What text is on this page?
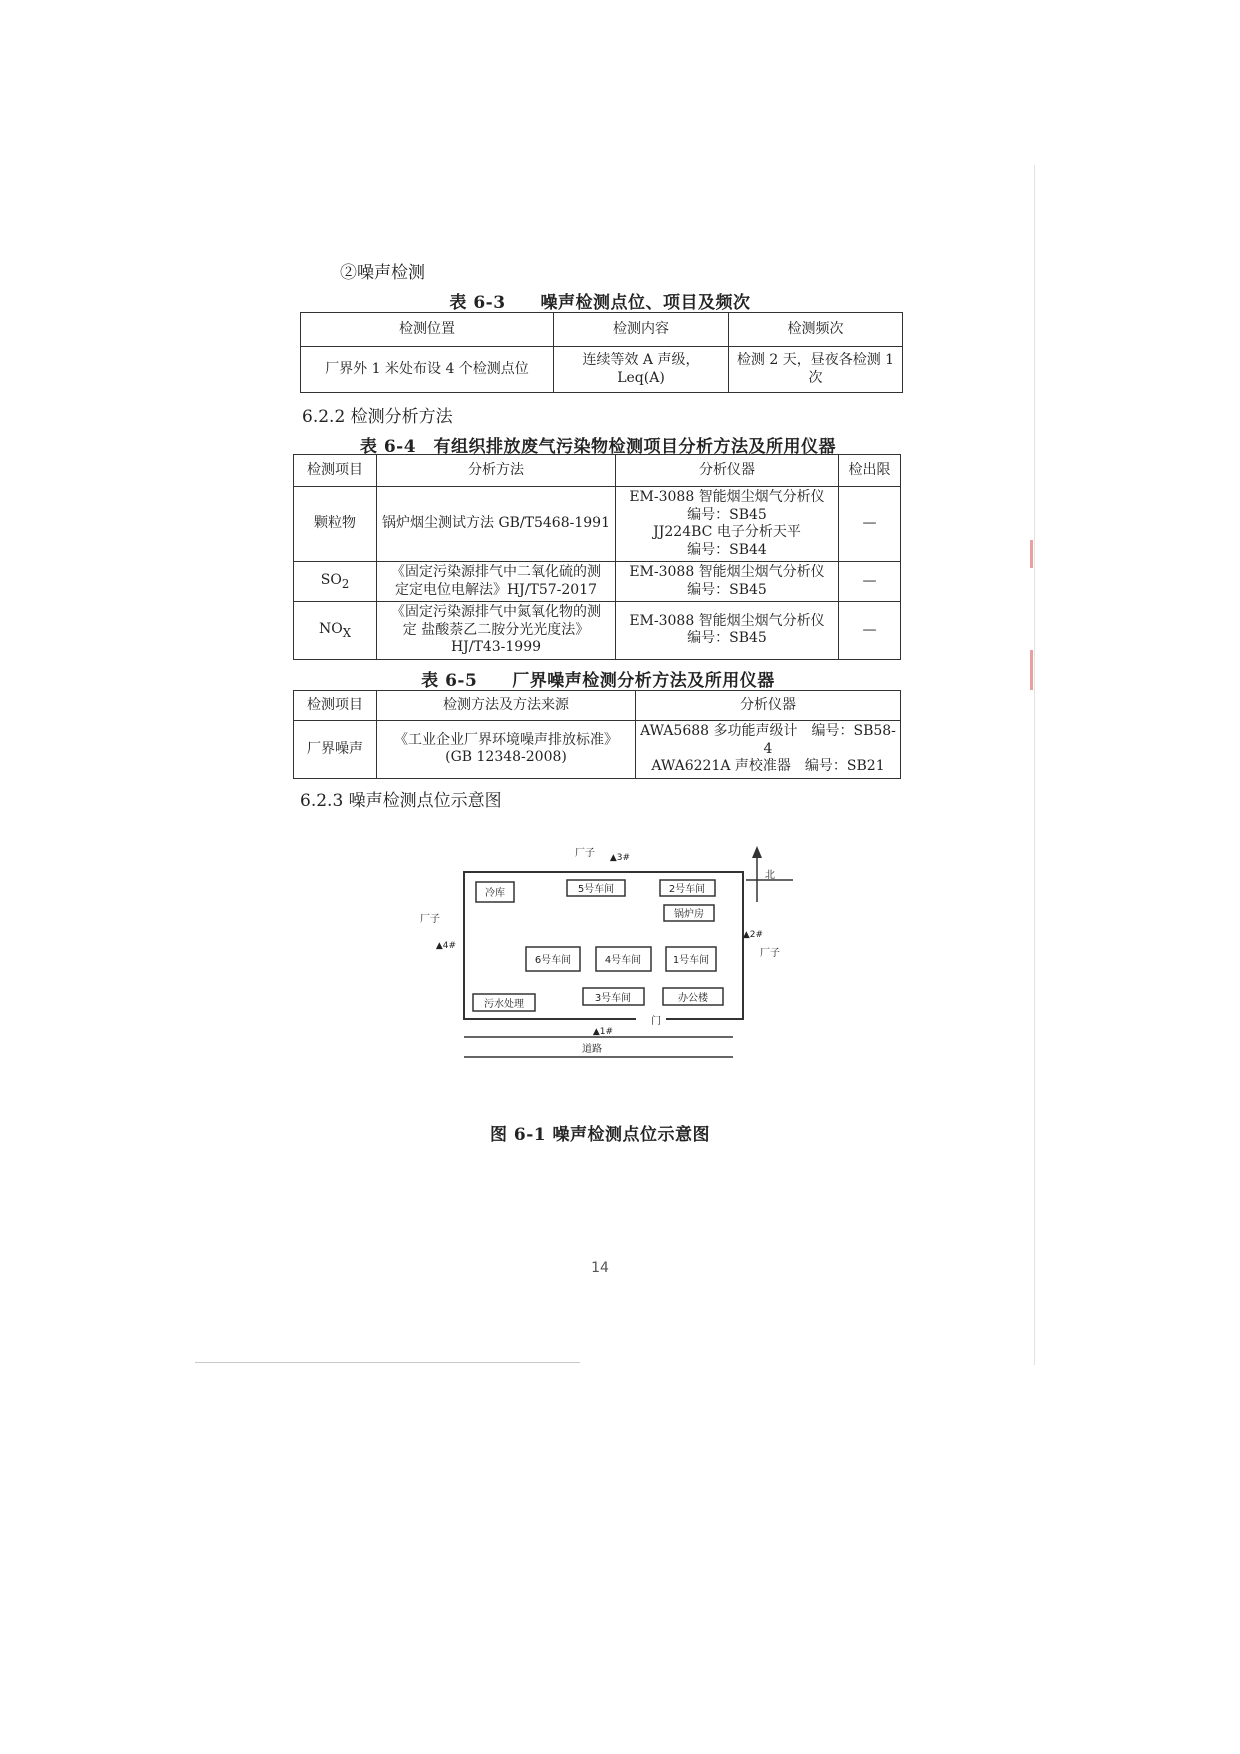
②噪声检测
表 6-3　　噪声检测点位、项目及频次
检测位置	检测内容	检测频次
厂界外 1 米处布设 4 个检测点位	连续等效 A 声级，
Leq(A)	检测 2 天，昼夜各检测 1 次
6.2.2 检测分析方法
表 6-4　有组织排放废气污染物检测项目分析方法及所用仪器
检测项目	分析方法	分析仪器	检出限
颗粒物	锅炉烟尘测试方法 GB/T5468-1991	EM-3088 智能烟尘烟气分析仪
编号：SB45
JJ224BC 电子分析天平
编号：SB44	—
$SO_2$	《固定污染源排气中二氧化硫的测
定定电位电解法》HJ/T57-2017	EM-3088 智能烟尘烟气分析仪
编号：SB45	—
$NO_X$	《固定污染源排气中氮氧化物的测
定 盐酸萘乙二胺分光光度法》
HJ/T43-1999	EM-3088 智能烟尘烟气分析仪
编号：SB45	—
表 6-5　　厂界噪声检测分析方法及所用仪器
检测项目	检测方法及方法来源	分析仪器
厂界噪声	《工业企业厂界环境噪声排放标准》
(GB 12348-2008)	AWA5688 多功能声级计　编号：SB58-4
AWA6221A 声校准器　编号：SB21
6.2.3 噪声检测点位示意图
冷库	5号车间	2号车间
锅炉房
6号车间	4号车间	1号车间
污水处理
3号车间	办公楼
厂子
厂子
厂子
▲3#
▲2#
▲4#
▲1#
门
道路
北
图 6-1 噪声检测点位示意图
14
